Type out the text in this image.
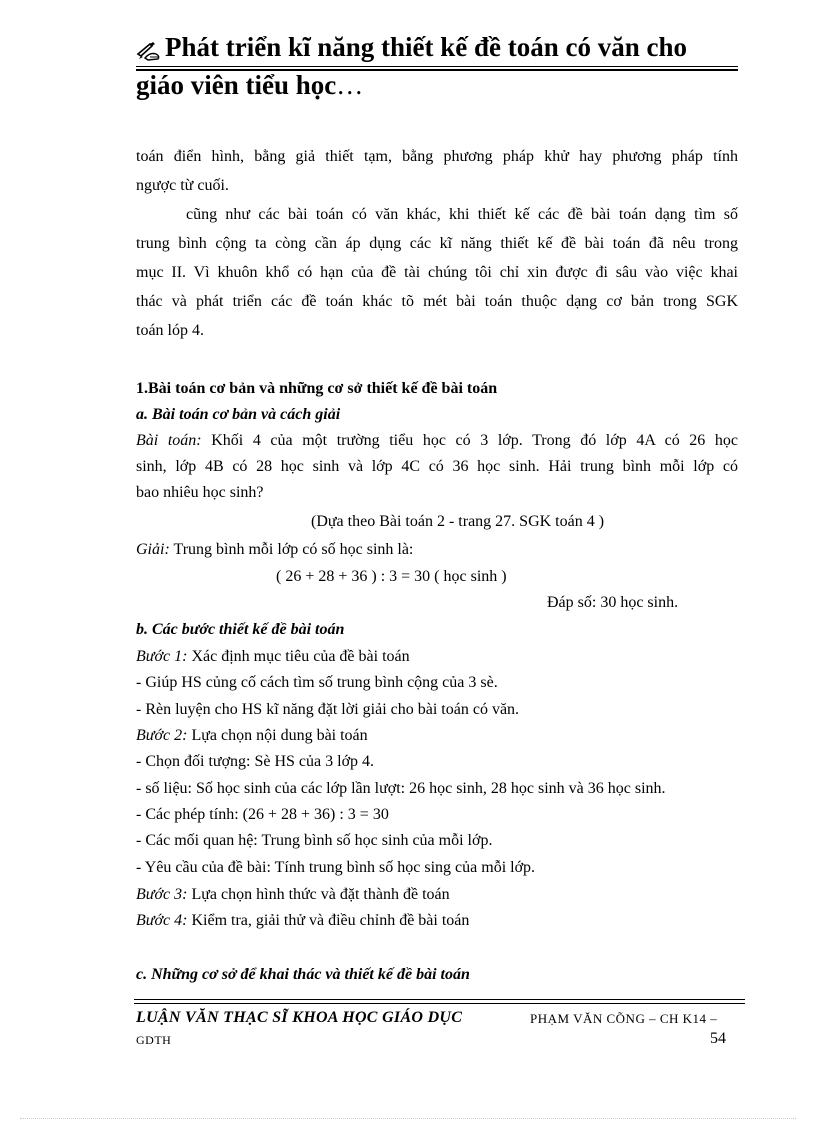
Phát triển kĩ năng thiết kế đề toán có văn cho
giáo viên tiểu học…
toán điển hình, bằng giả thiết tạm, bằng phương pháp khử hay phương pháp tính
ngược từ cuối.
cũng như các bài toán có văn khác, khi thiết kế các đề bài toán dạng tìm số
trung bình cộng ta còng cần áp dụng các kĩ năng thiết kế đề bài toán đã nêu trong
mục II. Vì khuôn khổ có hạn của đề tài chúng tôi chỉ xin được đi sâu vào việc khai
thác và phát triển các đề toán khác tõ mét bài toán thuộc dạng cơ bản trong SGK
toán lóp 4.
1.Bài toán cơ bản và những cơ sở thiết kế đề bài toán
a. Bài toán cơ bản và cách giải
Bài toán: Khối 4 của một trường tiểu học có 3 lớp. Trong đó lớp 4A có 26 học
sinh, lớp 4B có 28 học sinh và lớp 4C có 36 học sinh. Hải trung bình mỗi lớp có
bao nhiêu học sinh?
(Dựa theo Bài toán 2 - trang 27. SGK toán 4 )
Giải: Trung bình mỗi lớp có số học sinh là:
( 26 + 28 + 36 ) : 3 = 30 ( học sinh )
Đáp số: 30 học sinh.
b. Các bước thiết kế đề bài toán
Bước 1: Xác định mục tiêu của đề bài toán
- Giúp HS củng cố cách tìm số trung bình cộng của 3 sè.
- Rèn luyện cho HS kĩ năng đặt lời giải cho bài toán có văn.
Bước 2: Lựa chọn nội dung bài toán
- Chọn đối tượng: Sè HS của 3 lớp 4.
- số liệu: Số học sinh của các lớp lần lượt: 26 học sinh, 28 học sinh và 36 học sinh.
- Các phép tính: (26 + 28 + 36) : 3 = 30
- Các mối quan hệ: Trung bình số học sinh của mỗi lớp.
- Yêu cầu của đề bài: Tính trung bình số học sing của mỗi lớp.
Bước 3: Lựa chọn hình thức và đặt thành đề toán
Bước 4: Kiểm tra, giải thử và điều chỉnh đề bài toán
c. Những cơ sở để khai thác và thiết kế đề bài toán
LUẬN VĂN THẠC SĨ KHOA HỌC GIÁO DỤC	PHẠM VĂN CÕNG – CH K14 –
GDTH	54
